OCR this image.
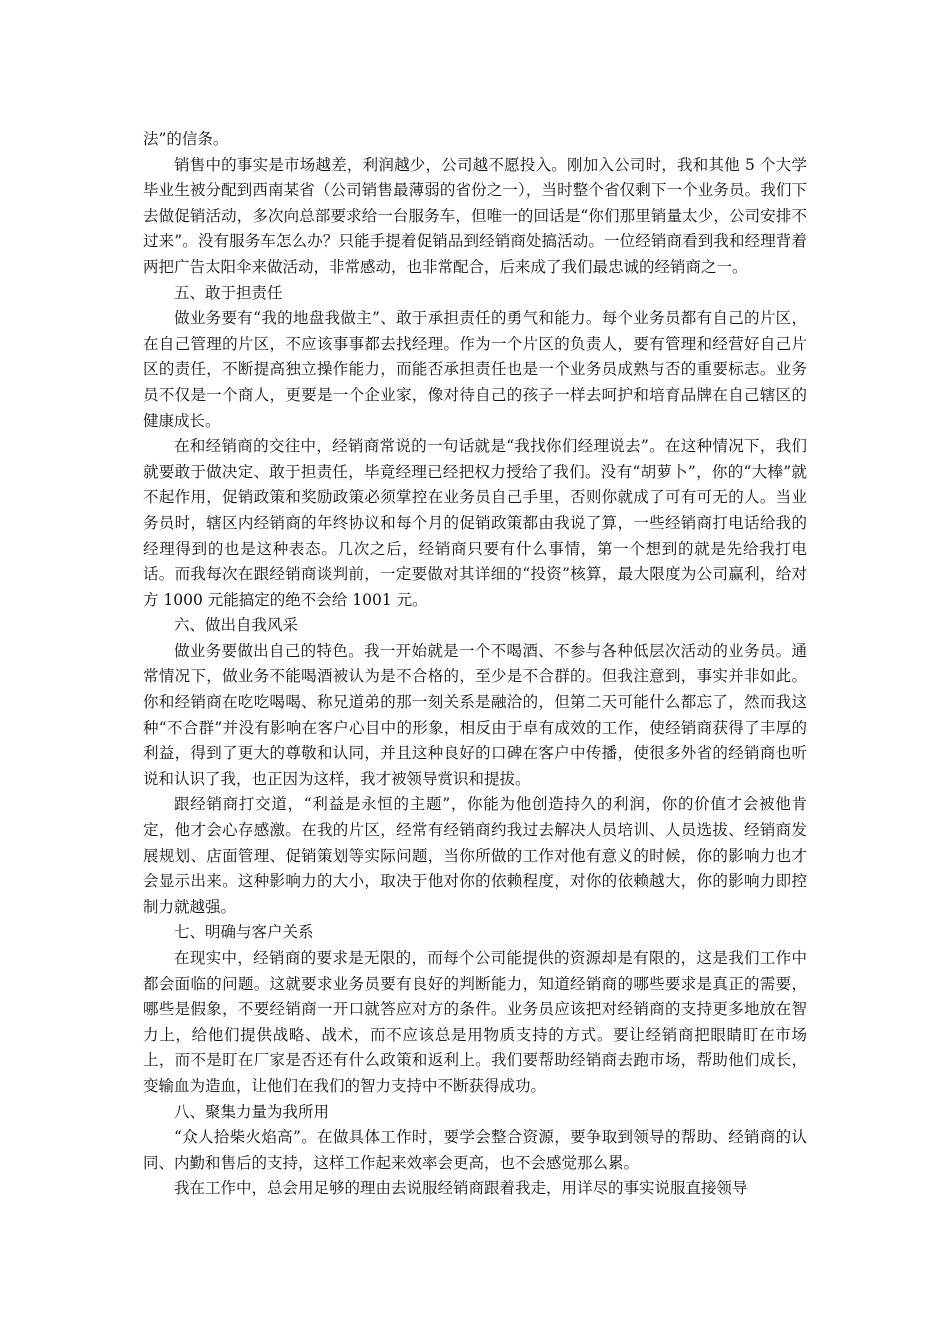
法”的信条。

销售中的事实是市场越差，利润越少，公司越不愿投入。刚加入公司时，我和其他 5 个大学毕业生被分配到西南某省（公司销售最薄弱的省份之一），当时整个省仅剩下一个业务员。我们下去做促销活动，多次向总部要求给一台服务车，但唯一的回话是“你们那里销量太少，公司安排不过来”。没有服务车怎么办？只能手提着促销品到经销商处搞活动。一位经销商看到我和经理背着两把广告太阳伞来做活动，非常感动，也非常配合，后来成了我们最忠诚的经销商之一。

五、敢于担责任

做业务要有“我的地盘我做主”、敢于承担责任的勇气和能力。每个业务员都有自己的片区，在自己管理的片区，不应该事事都去找经理。作为一个片区的负责人，要有管理和经营好自己片区的责任，不断提高独立操作能力，而能否承担责任也是一个业务员成熟与否的重要标志。业务员不仅是一个商人，更要是一个企业家，像对待自己的孩子一样去呵护和培育品牌在自己辖区的健康成长。

在和经销商的交往中，经销商常说的一句话就是“我找你们经理说去”。在这种情况下，我们就要敢于做决定、敢于担责任，毕竟经理已经把权力授给了我们。没有“胡萝卜”，你的“大棒”就不起作用，促销政策和奖励政策必须掌控在业务员自己手里，否则你就成了可有可无的人。当业务员时，辖区内经销商的年终协议和每个月的促销政策都由我说了算，一些经销商打电话给我的经理得到的也是这种表态。几次之后，经销商只要有什么事情，第一个想到的就是先给我打电话。而我每次在跟经销商谈判前，一定要做对其详细的“投资”核算，最大限度为公司赢利，给对方 1000 元能搞定的绝不会给 1001 元。

六、做出自我风采

做业务要做出自己的特色。我一开始就是一个不喝酒、不参与各种低层次活动的业务员。通常情况下，做业务不能喝酒被认为是不合格的，至少是不合群的。但我注意到，事实并非如此。你和经销商在吃吃喝喝、称兄道弟的那一刻关系是融洽的，但第二天可能什么都忘了，然而我这种“不合群”并没有影响在客户心目中的形象，相反由于卓有成效的工作，使经销商获得了丰厚的利益，得到了更大的尊敬和认同，并且这种良好的口碑在客户中传播，使很多外省的经销商也听说和认识了我，也正因为这样，我才被领导赏识和提拔。

跟经销商打交道，“利益是永恒的主题”，你能为他创造持久的利润，你的价值才会被他肯定，他才会心存感激。在我的片区，经常有经销商约我过去解决人员培训、人员选拔、经销商发展规划、店面管理、促销策划等实际问题，当你所做的工作对他有意义的时候，你的影响力也才会显示出来。这种影响力的大小，取决于他对你的依赖程度，对你的依赖越大，你的影响力即控制力就越强。

七、明确与客户关系

在现实中，经销商的要求是无限的，而每个公司能提供的资源却是有限的，这是我们工作中都会面临的问题。这就要求业务员要有良好的判断能力，知道经销商的哪些要求是真正的需要，哪些是假象，不要经销商一开口就答应对方的条件。业务员应该把对经销商的支持更多地放在智力上，给他们提供战略、战术，而不应该总是用物质支持的方式。要让经销商把眼睛盯在市场上，而不是盯在厂家是否还有什么政策和返利上。我们要帮助经销商去跑市场，帮助他们成长，变输血为造血，让他们在我们的智力支持中不断获得成功。

八、聚集力量为我所用

“众人拾柴火焰高”。在做具体工作时，要学会整合资源，要争取到领导的帮助、经销商的认同、内勤和售后的支持，这样工作起来效率会更高，也不会感觉那么累。

我在工作中，总会用足够的理由去说服经销商跟着我走，用详尽的事实说服直接领导
